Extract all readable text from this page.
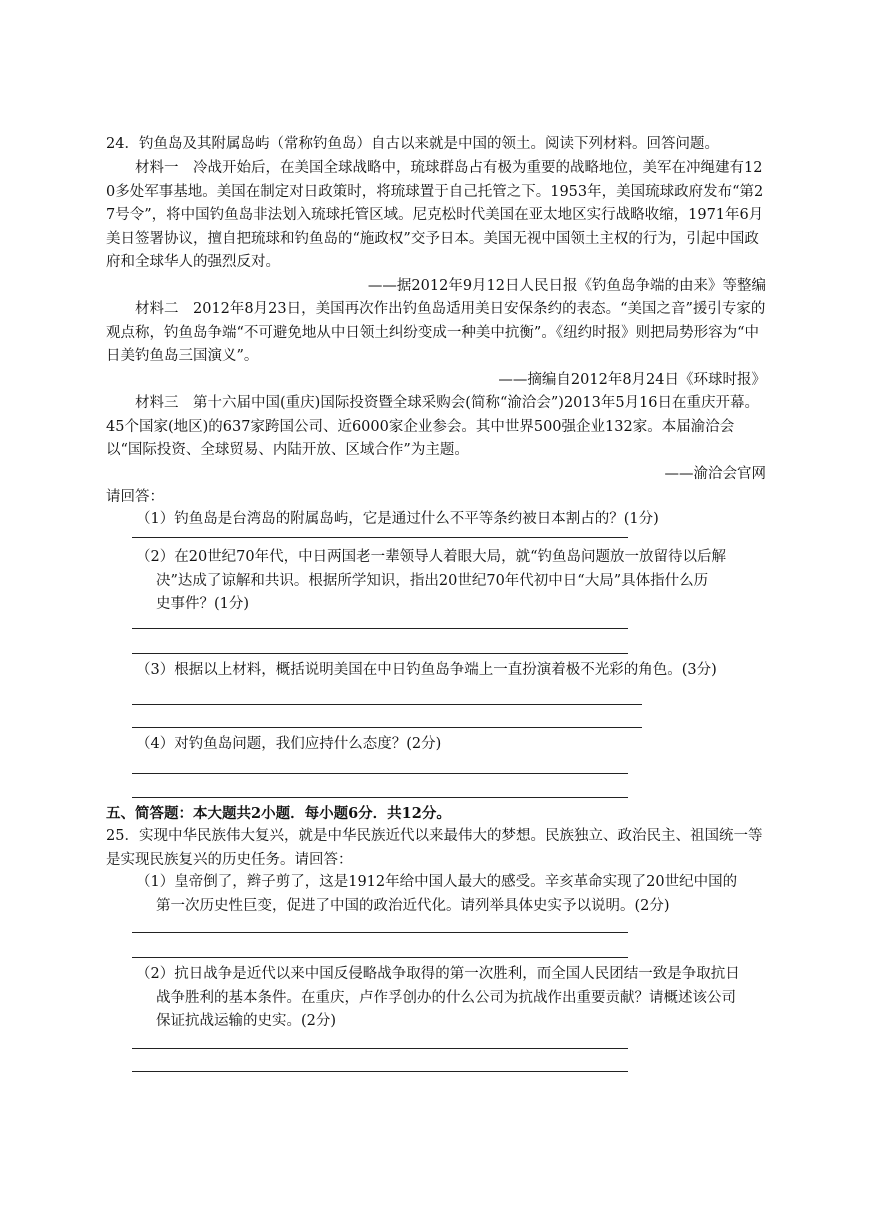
24．钓鱼岛及其附属岛屿（常称钓鱼岛）自古以来就是中国的领土。阅读下列材料。回答问题。

材料一　冷战开始后，在美国全球战略中，琉球群岛占有极为重要的战略地位，美军在冲绳建有120多处军事基地。美国在制定对日政策时，将琉球置于自己托管之下。1953年，美国琉球政府发布“第27号令”，将中国钓鱼岛非法划入琉球托管区域。尼克松时代美国在亚太地区实行战略收缩，1971年6月美日签署协议，擅自把琉球和钓鱼岛的“施政权”交予日本。美国无视中国领土主权的行为，引起中国政府和全球华人的强烈反对。

——据2012年9月12日人民日报《钓鱼岛争端的由来》等整编

材料二　2012年8月23日，美国再次作出钓鱼岛适用美日安保条约的表态。“美国之音”援引专家的观点称，钓鱼岛争端“不可避免地从中日领土纠纷变成一种美中抗衡”。《纽约时报》则把局势形容为“中日美钓鱼岛三国演义”。

——摘编自2012年8月24日《环球时报》

材料三　第十六届中国(重庆)国际投资暨全球采购会(简称“渝洽会”)2013年5月16日在重庆开幕。45个国家(地区)的637家跨国公司、近6000家企业参会。其中世界500强企业132家。本届渝洽会以“国际投资、全球贸易、内陆开放、区域合作”为主题。

——渝洽会官网

请回答：

（1）钓鱼岛是台湾岛的附属岛屿，它是通过什么不平等条约被日本割占的？(1分)

（2）在20世纪70年代，中日两国老一辈领导人着眼大局，就“钓鱼岛问题放一放留待以后解
决”达成了谅解和共识。根据所学知识，指出20世纪70年代初中日“大局”具体指什么历
史事件？(1分)

（3）根据以上材料，概括说明美国在中日钓鱼岛争端上一直扮演着极不光彩的角色。(3分)

（4）对钓鱼岛问题，我们应持什么态度？(2分)

五、简答题：本大题共2小题．每小题6分．共12分。

25．实现中华民族伟大复兴，就是中华民族近代以来最伟大的梦想。民族独立、政治民主、祖国统一等是实现民族复兴的历史任务。请回答：

（1）皇帝倒了，辫子剪了，这是1912年给中国人最大的感受。辛亥革命实现了20世纪中国的
第一次历史性巨变，促进了中国的政治近代化。请列举具体史实予以说明。(2分)

（2）抗日战争是近代以来中国反侵略战争取得的第一次胜利，而全国人民团结一致是争取抗日
战争胜利的基本条件。在重庆，卢作孚创办的什么公司为抗战作出重要贡献？请概述该公司
保证抗战运输的史实。(2分)
